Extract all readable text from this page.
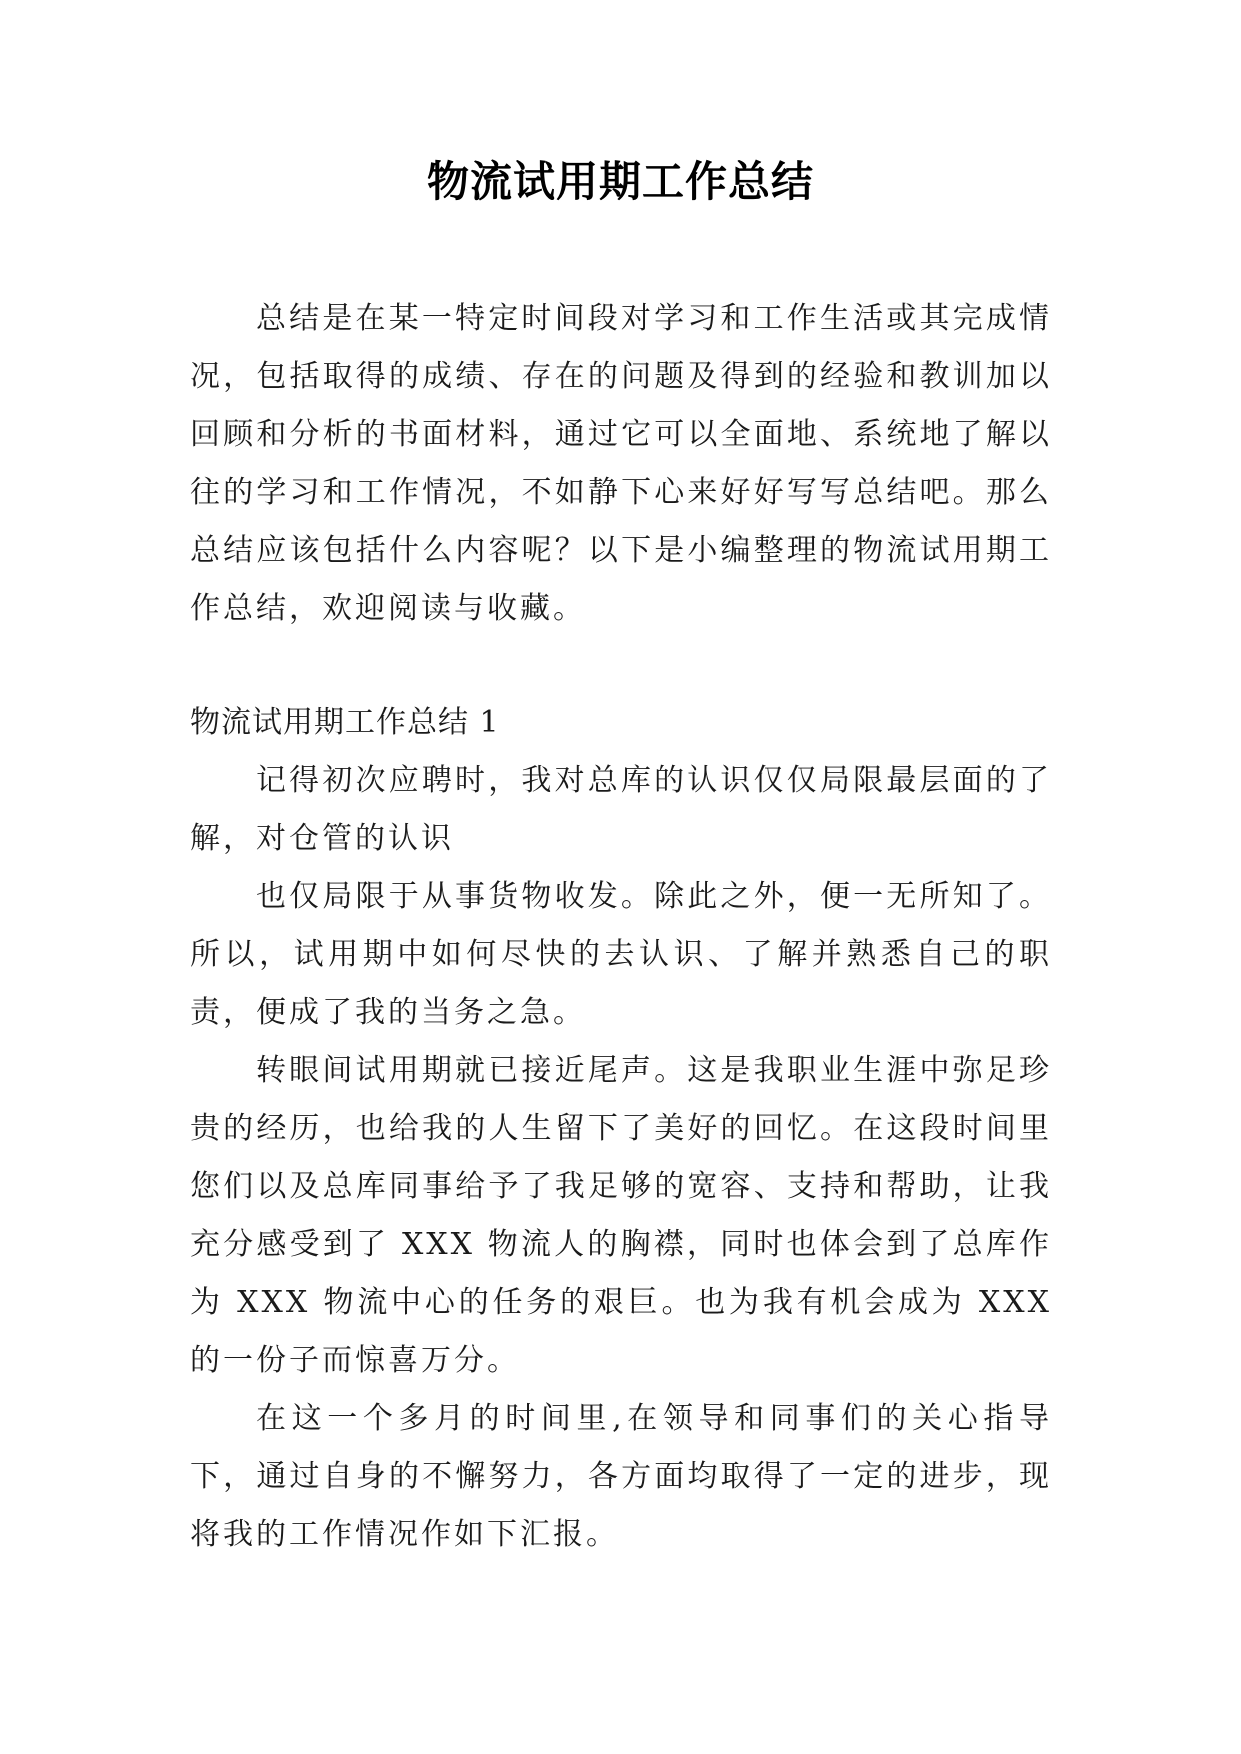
物流试用期工作总结

总结是在某一特定时间段对学习和工作生活或其完成情况，包括取得的成绩、存在的问题及得到的经验和教训加以回顾和分析的书面材料，通过它可以全面地、系统地了解以往的学习和工作情况，不如静下心来好好写写总结吧。那么总结应该包括什么内容呢？以下是小编整理的物流试用期工作总结，欢迎阅读与收藏。

物流试用期工作总结 1

记得初次应聘时，我对总库的认识仅仅局限最层面的了解，对仓管的认识

也仅局限于从事货物收发。除此之外，便一无所知了。所以，试用期中如何尽快的去认识、了解并熟悉自己的职责，便成了我的当务之急。

转眼间试用期就已接近尾声。这是我职业生涯中弥足珍贵的经历，也给我的人生留下了美好的回忆。在这段时间里您们以及总库同事给予了我足够的宽容、支持和帮助，让我充分感受到了 XXX 物流人的胸襟，同时也体会到了总库作为 XXX 物流中心的任务的艰巨。也为我有机会成为 XXX 的一份子而惊喜万分。

在这一个多月的时间里,在领导和同事们的关心指导下，通过自身的不懈努力，各方面均取得了一定的进步，现将我的工作情况作如下汇报。
